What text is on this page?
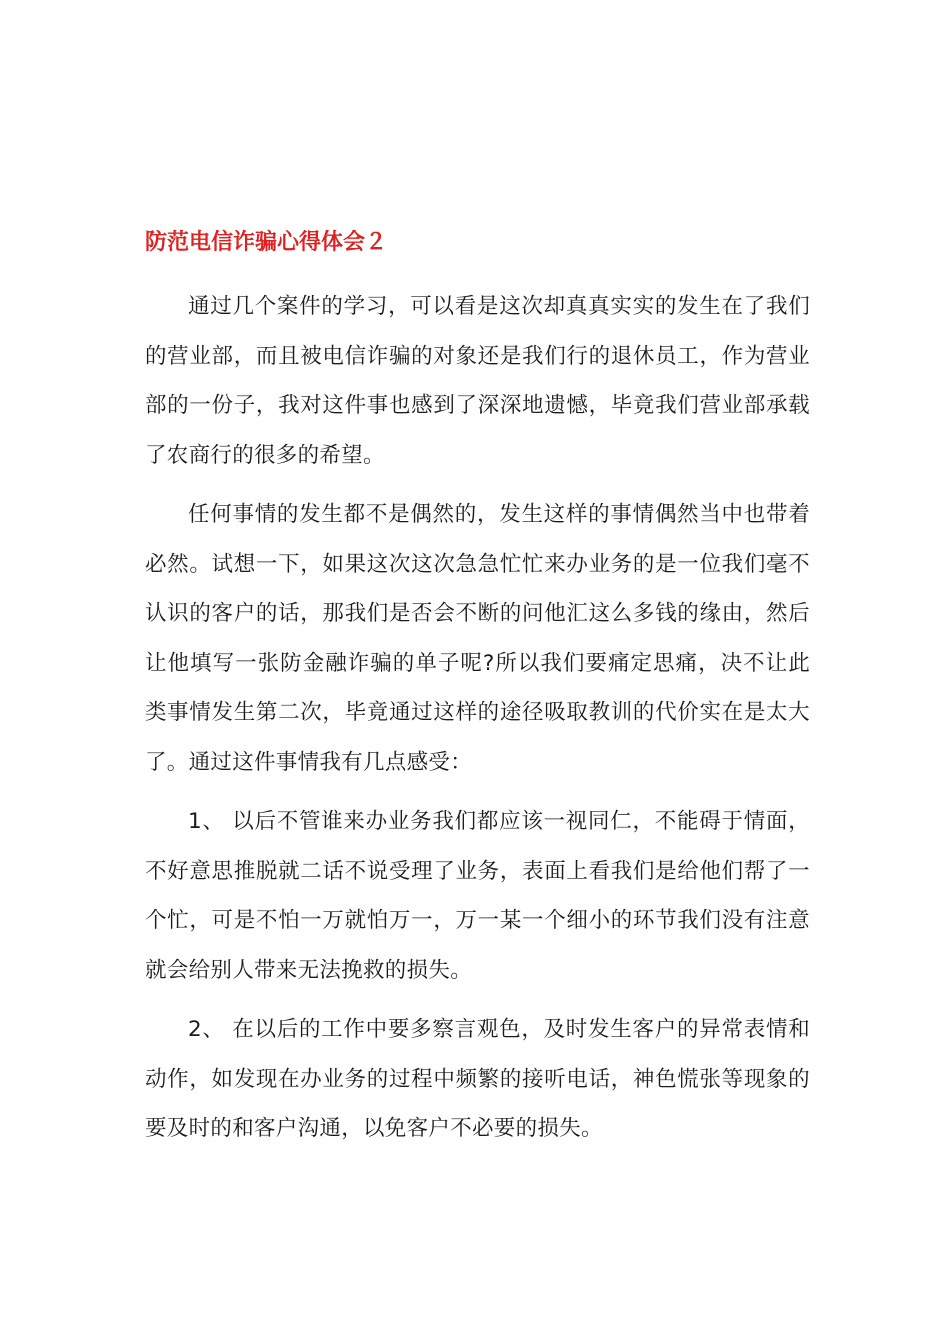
防范电信诈骗心得体会２

通过几个案件的学习，可以看是这次却真真实实的发生在了我们的营业部，而且被电信诈骗的对象还是我们行的退休员工，作为营业部的一份子，我对这件事也感到了深深地遗憾，毕竟我们营业部承载了农商行的很多的希望。

任何事情的发生都不是偶然的，发生这样的事情偶然当中也带着必然。试想一下，如果这次这次急急忙忙来办业务的是一位我们毫不认识的客户的话，那我们是否会不断的问他汇这么多钱的缘由，然后让他填写一张防金融诈骗的单子呢?所以我们要痛定思痛，决不让此类事情发生第二次，毕竟通过这样的途径吸取教训的代价实在是太大了。通过这件事情我有几点感受：

1、 以后不管谁来办业务我们都应该一视同仁，不能碍于情面，不好意思推脱就二话不说受理了业务，表面上看我们是给他们帮了一个忙，可是不怕一万就怕万一，万一某一个细小的环节我们没有注意就会给别人带来无法挽救的损失。

2、 在以后的工作中要多察言观色，及时发生客户的异常表情和动作，如发现在办业务的过程中频繁的接听电话，神色慌张等现象的要及时的和客户沟通，以免客户不必要的损失。
